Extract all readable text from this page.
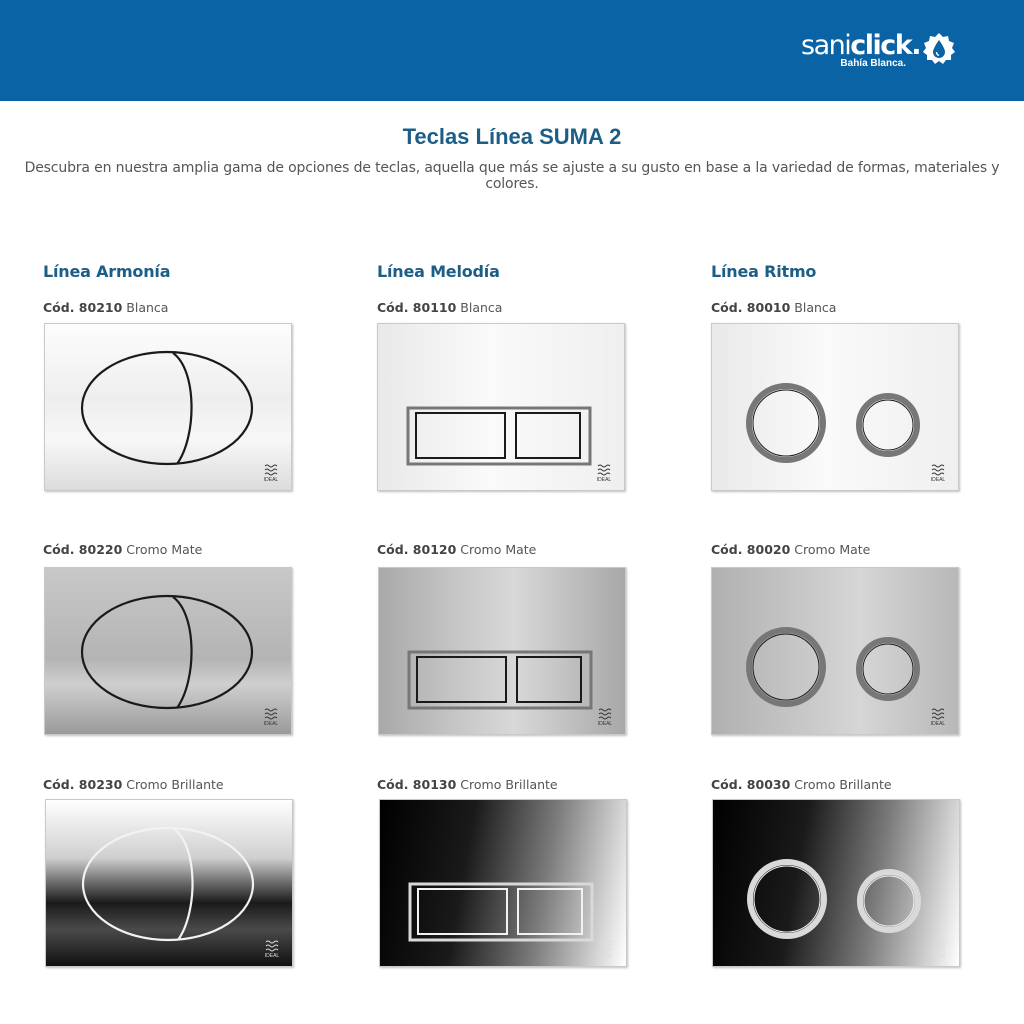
saniclick.
Bahía Blanca.
Teclas Línea SUMA 2
Descubra en nuestra amplia gama de opciones de teclas, aquella que más se ajuste a su gusto en base a la variedad de formas, materiales y colores.
Línea Armonía	Línea Melodía	Línea Ritmo
Cód. 80210 Blanca	Cód. 80110 Blanca	Cód. 80010 Blanca
Cód. 80220 Cromo Mate	Cód. 80120 Cromo Mate	Cód. 80020 Cromo Mate
Cód. 80230 Cromo Brillante	Cód. 80130 Cromo Brillante	Cód. 80030 Cromo Brillante
IDEAL	IDEAL	IDEAL
IDEAL	IDEAL	IDEAL
IDEAL	IDEAL	IDEAL
